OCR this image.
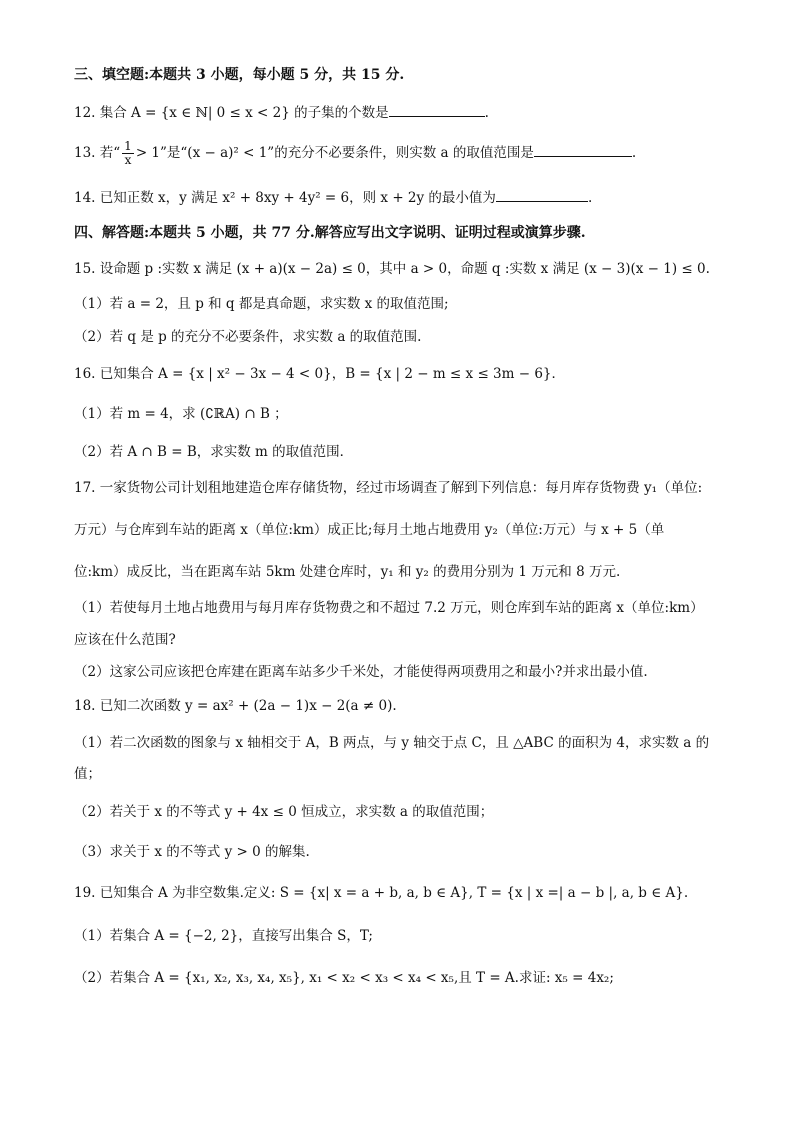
三、填空题:本题共 3 小题，每小题 5 分，共 15 分.
12. 集合 A = {x ∈ ℕ| 0 ≤ x < 2} 的子集的个数是	.
13. 若“ $\frac{1}{x} > 1$”是“(x − a)² < 1”的充分不必要条件，则实数 a 的取值范围是	.
14. 已知正数 x，y 满足 x² + 8xy + 4y² = 6，则 x + 2y 的最小值为	.
四、解答题:本题共 5 小题，共 77 分.解答应写出文字说明、证明过程或演算步骤.
15. 设命题 p :实数 x 满足 (x + a)(x − 2a) ≤ 0，其中 a > 0，命题 q :实数 x 满足 (x − 3)(x − 1) ≤ 0.
（1）若 a = 2，且 p 和 q 都是真命题，求实数 x 的取值范围;
（2）若 q 是 p 的充分不必要条件，求实数 a 的取值范围.
16. 已知集合 A = {x | x² − 3x − 4 < 0}，B = {x | 2 − m ≤ x ≤ 3m − 6}．
（1）若 m = 4，求 (∁ℝA) ∩ B ；
（2）若 A ∩ B = B，求实数 m 的取值范围．
17. 一家货物公司计划租地建造仓库存储货物，经过市场调查了解到下列信息：每月库存货物费 y₁（单位:
万元）与仓库到车站的距离 x（单位:km）成正比;每月土地占地费用 y₂（单位:万元）与 x + 5（单
位:km）成反比，当在距离车站 5km 处建仓库时，y₁ 和 y₂ 的费用分别为 1 万元和 8 万元.
（1）若使每月土地占地费用与每月库存货物费之和不超过 7.2 万元，则仓库到车站的距离 x（单位:km）
应该在什么范围?
（2）这家公司应该把仓库建在距离车站多少千米处，才能使得两项费用之和最小?并求出最小值.
18. 已知二次函数 y = ax² + (2a − 1)x − 2(a ≠ 0).
（1）若二次函数的图象与 x 轴相交于 A，B 两点，与 y 轴交于点 C，且 △ABC 的面积为 4，求实数 a 的
值；
（2）若关于 x 的不等式 y + 4x ≤ 0 恒成立，求实数 a 的取值范围；
（3）求关于 x 的不等式 y > 0 的解集.
19. 已知集合 A 为非空数集.定义: S = {x| x = a + b, a, b ∈ A}, T = {x | x =| a − b |, a, b ∈ A}.
（1）若集合 A = {−2, 2}，直接写出集合 S，T;
（2）若集合 A = {x₁, x₂, x₃, x₄, x₅}, x₁ < x₂ < x₃ < x₄ < x₅,且 T = A.求证: x₅ = 4x₂;
